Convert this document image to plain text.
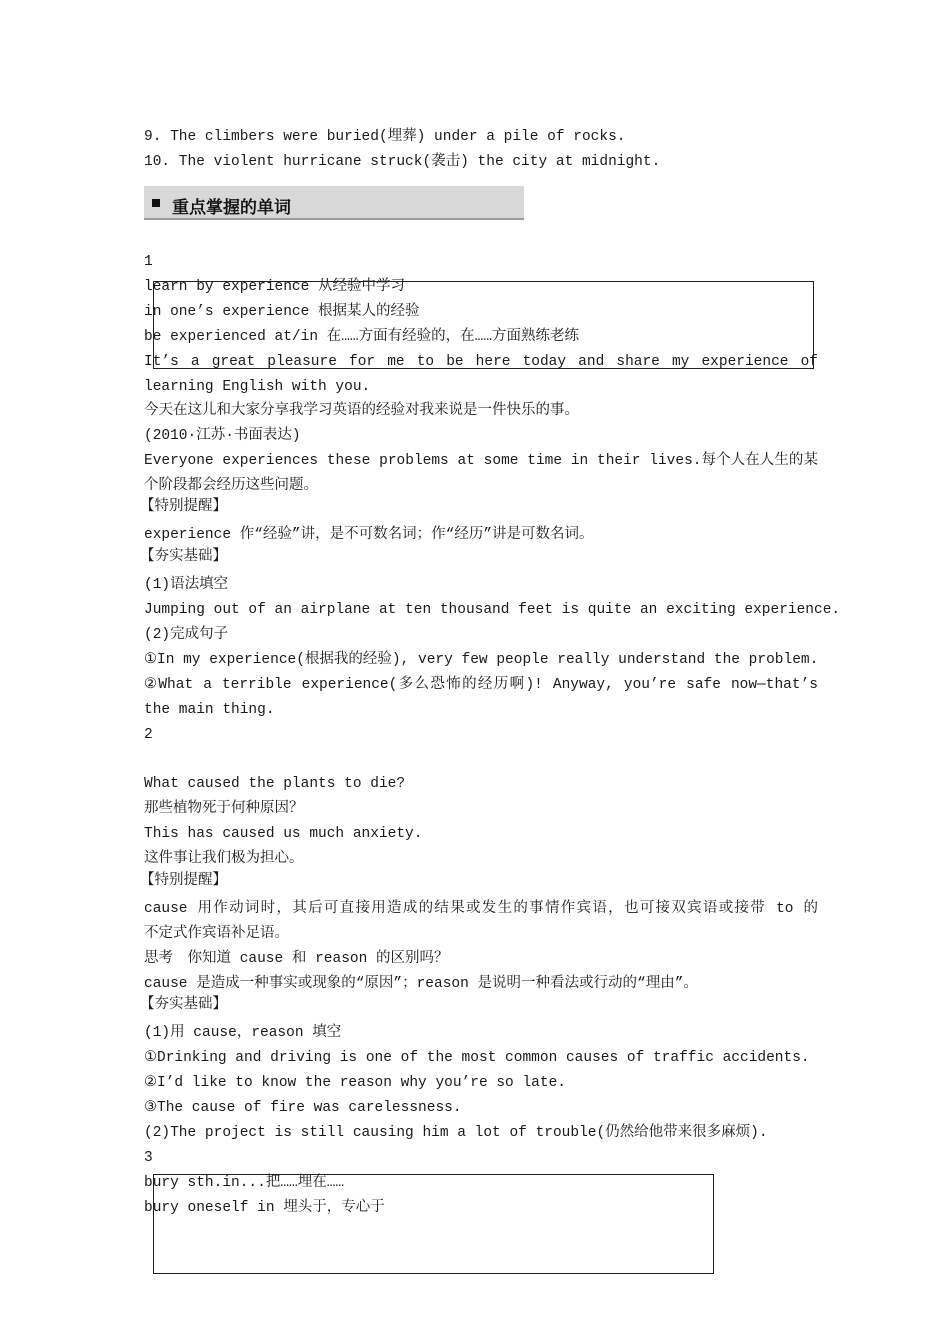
9. The climbers were buried(埋葬) under a pile of rocks.
10. The violent hurricane struck(袭击) the city at midnight.
重点掌握的单词
1
learn by experience 从经验中学习
in one’s experience 根据某人的经验
be experienced at/in 在……方面有经验的，在……方面熟练老练
It’s a great pleasure for me to be here today and share my experience of
learning English with you.
今天在这儿和大家分享我学习英语的经验对我来说是一件快乐的事。
(2010·江苏·书面表达)
Everyone experiences these problems at some time in their lives.每个人在人生的某
个阶段都会经历这些问题。
【特别提醒】
experience 作“经验”讲，是不可数名词；作“经历”讲是可数名词。
【夯实基础】
(1)语法填空
Jumping out of an airplane at ten thousand feet is quite an exciting experience.
(2)完成句子
①In my experience(根据我的经验), very few people really understand the problem.
②What a terrible experience(多么恐怖的经历啊)! Anyway, you’re safe now—that’s
the main thing.
2
What caused the plants to die?
那些植物死于何种原因？
This has caused us much anxiety.
这件事让我们极为担心。
【特别提醒】
cause 用作动词时，其后可直接用造成的结果或发生的事情作宾语，也可接双宾语或接带 to 的
不定式作宾语补足语。
思考　你知道 cause 和 reason 的区别吗？
cause 是造成一种事实或现象的“原因”；reason 是说明一种看法或行动的“理由”。
【夯实基础】
(1)用 cause，reason 填空
①Drinking and driving is one of the most common causes of traffic accidents.
②I’d like to know the reason why you’re so late.
③The cause of fire was carelessness.
(2)The project is still causing him a lot of trouble(仍然给他带来很多麻烦).
3
bury sth.in...把……埋在……
bury oneself in 埋头于，专心于
